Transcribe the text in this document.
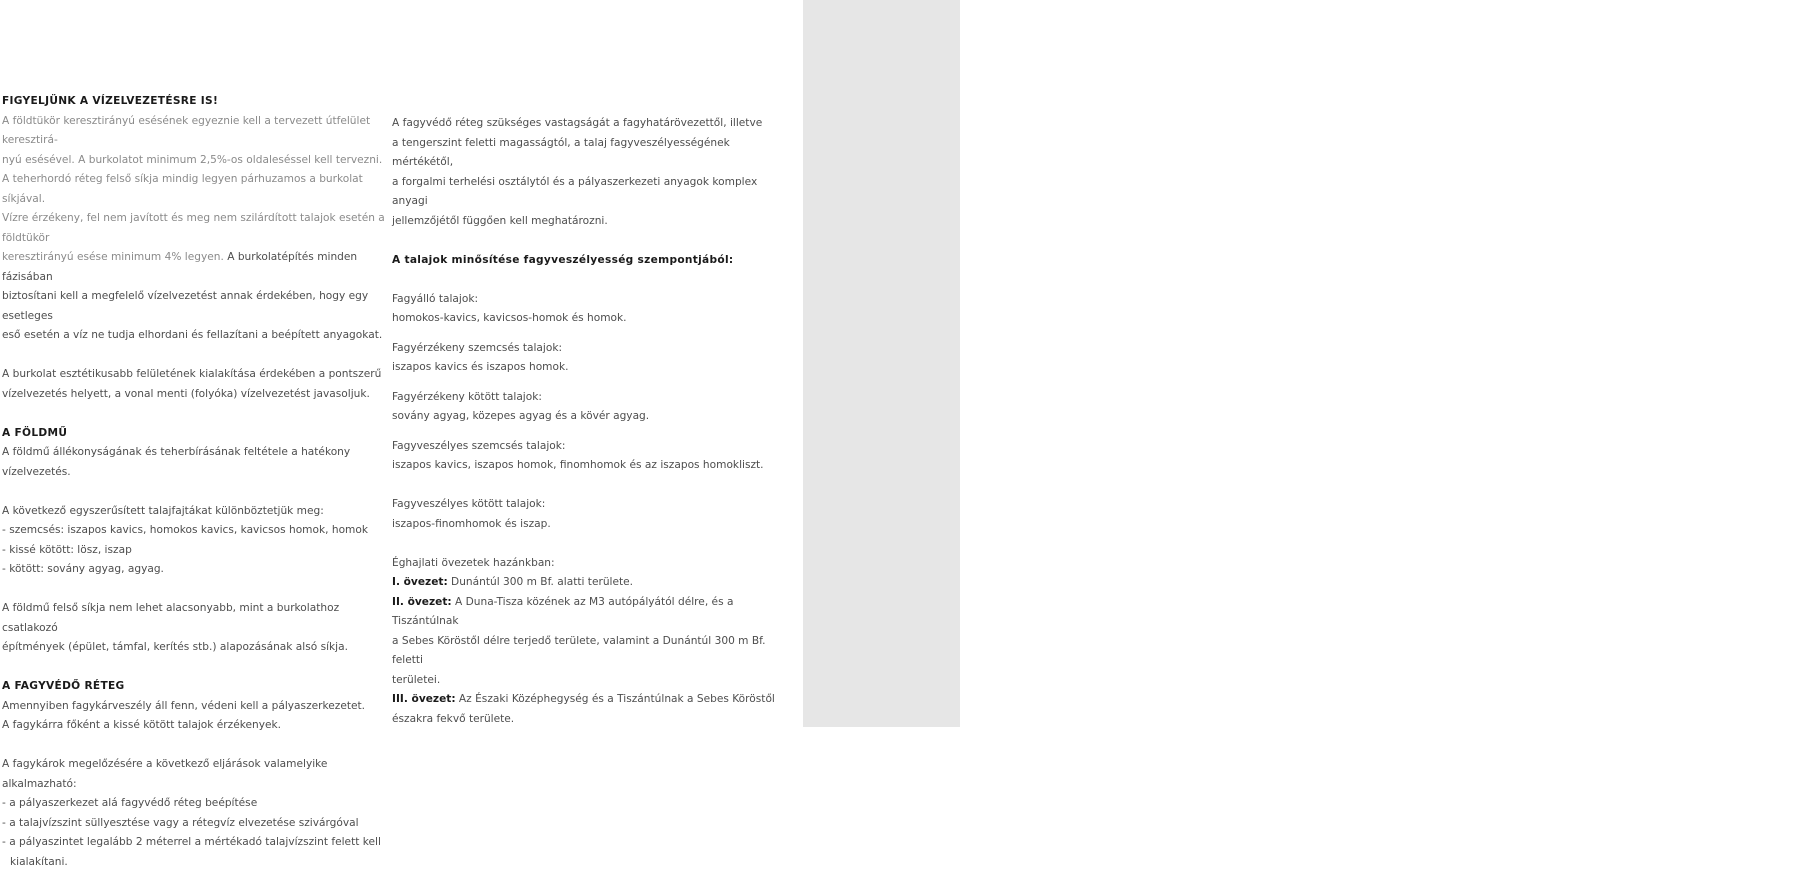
9F
FIGYELJÜNK A VÍZELVEZETÉSRE IS!

A földtükör keresztirányú esésének egyeznie kell a tervezett útfelület keresztirá-

nyú esésével. A burkolatot minimum 2,5%-os oldaleséssel kell tervezni.

A teherhordó réteg felső síkja mindig legyen párhuzamos a burkolat síkjával.

Vízre érzékeny, fel nem javított és meg nem szilárdított talajok esetén a földtükör

keresztirányú esése minimum 4% legyen. A burkolatépítés minden fázisában

biztosítani kell a megfelelő vízelvezetést annak érdekében, hogy egy esetleges

eső esetén a víz ne tudja elhordani és fellazítani a beépített anyagokat.

A burkolat esztétikusabb felületének kialakítása érdekében a pontszerű

vízelvezetés helyett, a vonal menti (folyóka) vízelvezetést javasoljuk.

A FÖLDMŰ

A földmű állékonyságának és teherbírásának feltétele a hatékony vízelvezetés.

A következő egyszerűsített talajfajtákat különböztetjük meg:

- szemcsés: iszapos kavics, homokos kavics, kavicsos homok, homok

- kissé kötött: lösz, iszap

- kötött: sovány agyag, agyag.

A földmű felső síkja nem lehet alacsonyabb, mint a burkolathoz csatlakozó

építmények (épület, támfal, kerítés stb.) alapozásának alsó síkja.

A FAGYVÉDŐ RÉTEG

Amennyiben fagykárveszély áll fenn, védeni kell a pályaszerkezetet.

A fagykárra főként a kissé kötött talajok érzékenyek.

A fagykárok megelőzésére a következő eljárások valamelyike alkalmazható:

- a pályaszerkezet alá fagyvédő réteg beépítése

- a talajvízszint süllyesztése vagy a rétegvíz elvezetése szivárgóval

- a pályaszintet legalább 2 méterrel a mértékadó talajvízszint felett kell

kialakítani.

A fagyvédő réteg szükséges vastagságát a fagyhatárövezettől, illetve

a tengerszint feletti magasságtól, a talaj fagyveszélyességének mértékétől,

a forgalmi terhelési osztálytól és a pályaszerkezeti anyagok komplex anyagi

jellemzőjétől függően kell meghatározni.

A talajok minősítése fagyveszélyesség szempontjából:

Fagyálló talajok:

homokos-kavics, kavicsos-homok és homok.

Fagyérzékeny szemcsés talajok:

iszapos kavics és iszapos homok.

Fagyérzékeny kötött talajok:

sovány agyag, közepes agyag és a kövér agyag.

Fagyveszélyes szemcsés talajok:

iszapos kavics, iszapos homok, finomhomok és az iszapos homokliszt.

Fagyveszélyes kötött talajok:

iszapos-finomhomok és iszap.

Éghajlati övezetek hazánkban:

I. övezet: Dunántúl 300 m Bf. alatti területe.

II. övezet: A Duna-Tisza közének az M3 autópályától délre, és a Tiszántúlnak

a Sebes Köröstől délre terjedő területe, valamint a Dunántúl 300 m Bf. feletti

területei.

III. övezet: Az Északi Középhegység és a Tiszántúlnak a Sebes Köröstől

északra fekvő területe.
